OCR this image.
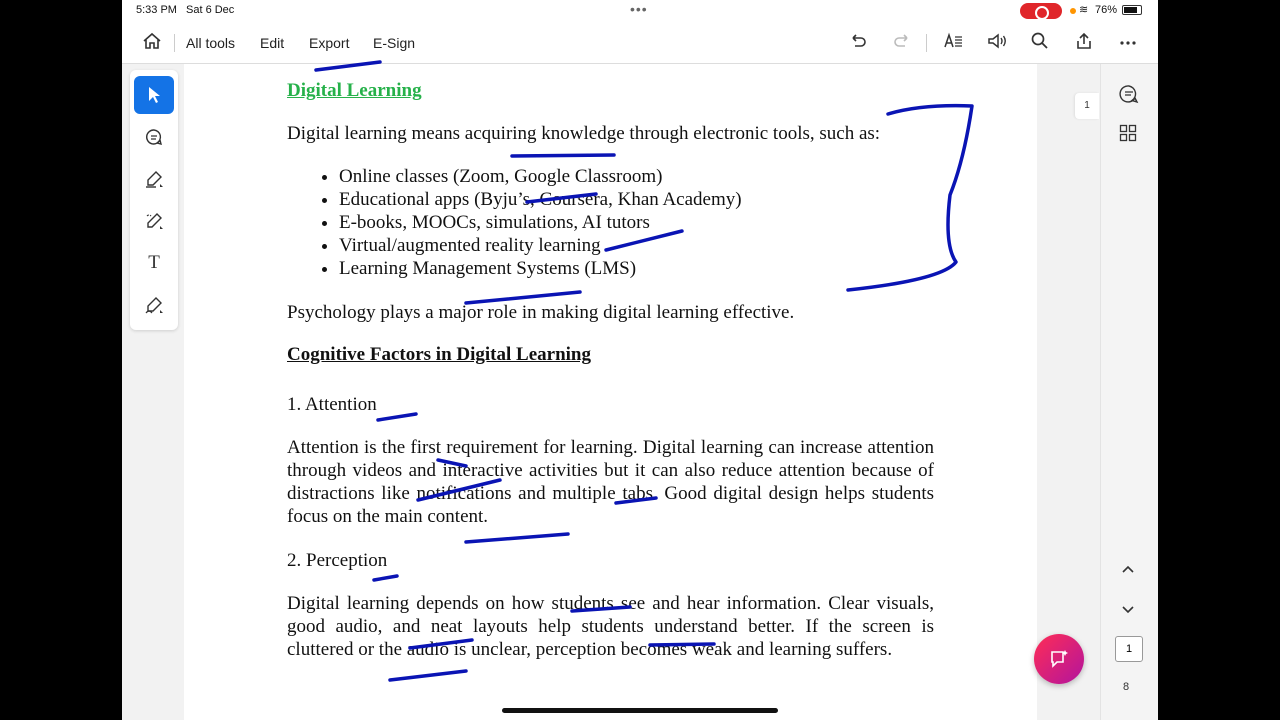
5:33 PM Sat 6 Dec	•••	≋ 76%
All tools Edit Export E-Sign
T
Digital Learning
Digital learning means acquiring knowledge through electronic tools, such as:
• Online classes (Zoom, Google Classroom)
• Educational apps (Byju’s, Coursera, Khan Academy)
• E-books, MOOCs, simulations, AI tutors
• Virtual/augmented reality learning
• Learning Management Systems (LMS)
Psychology plays a major role in making digital learning effective.
Cognitive Factors in Digital Learning
1. Attention
Attention is the first requirement for learning. Digital learning can increase attention through videos and interactive activities but it can also reduce attention because of distractions like notifications and multiple tabs. Good digital design helps students focus on the main content.
2. Perception
Digital learning depends on how students see and hear information. Clear visuals, good audio, and neat layouts help students understand better. If the screen is cluttered or the audio is unclear, perception becomes weak and learning suffers.
1
1
8
